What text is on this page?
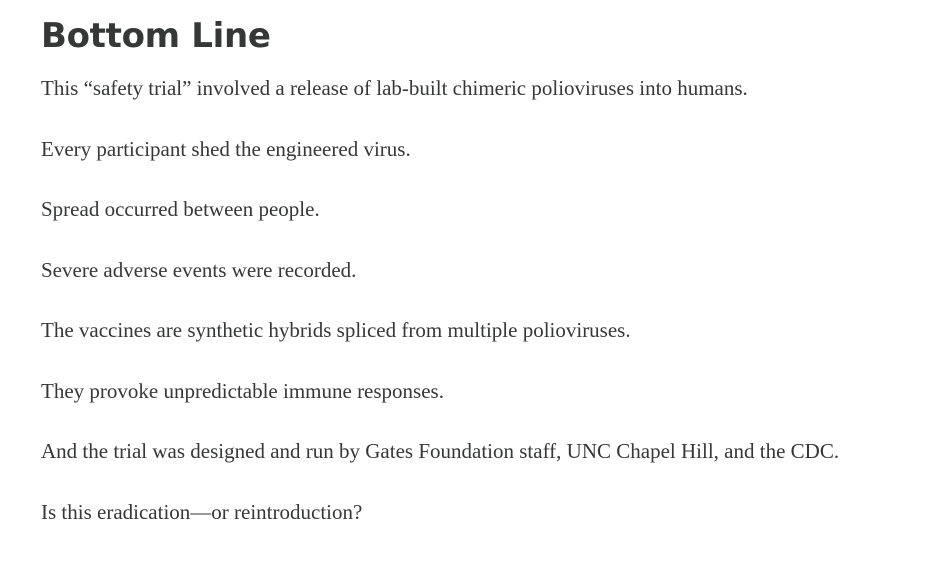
Bottom Line

This “safety trial” involved a release of lab-built chimeric polioviruses into humans.

Every participant shed the engineered virus.

Spread occurred between people.

Severe adverse events were recorded.

The vaccines are synthetic hybrids spliced from multiple polioviruses.

They provoke unpredictable immune responses.

And the trial was designed and run by Gates Foundation staff, UNC Chapel Hill, and the CDC.

Is this eradication—or reintroduction?
